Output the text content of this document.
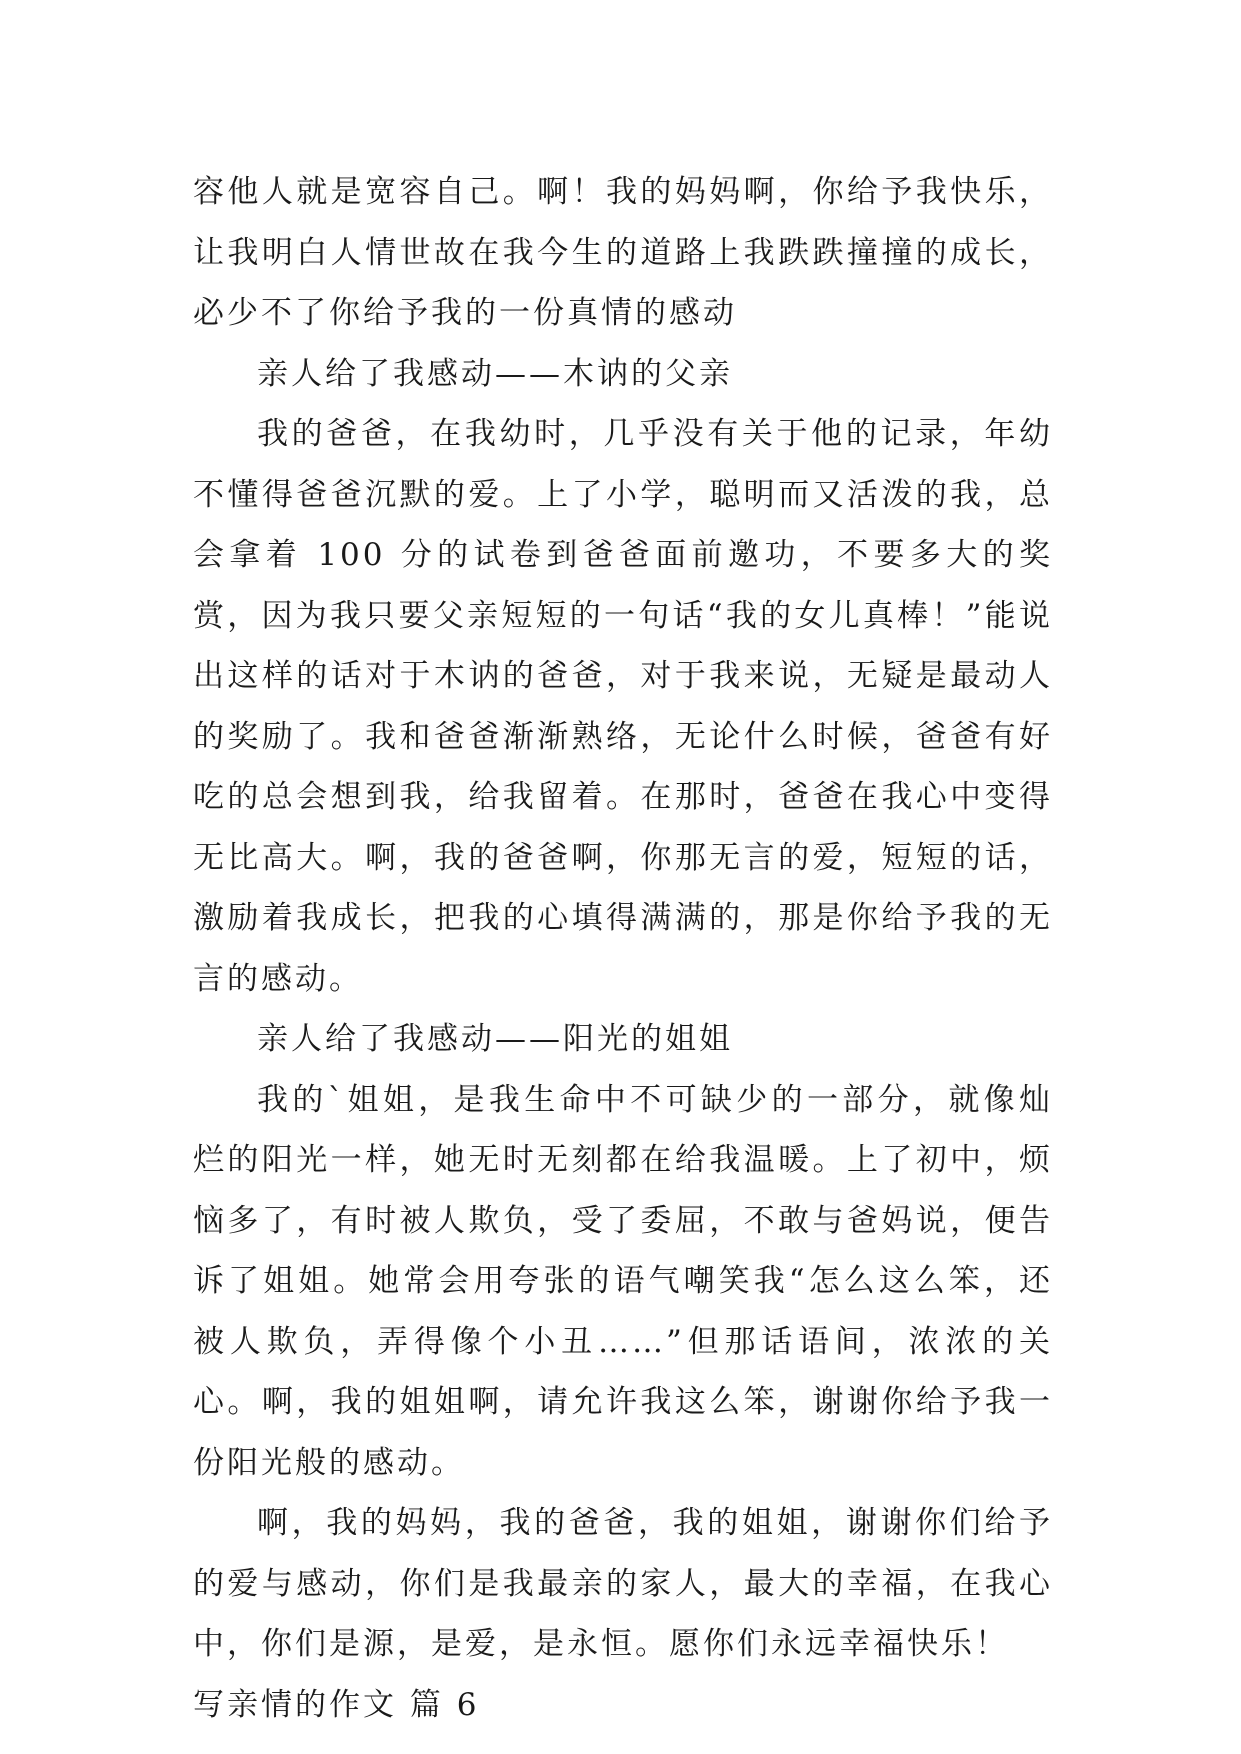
容他人就是宽容自己。啊！我的妈妈啊，你给予我快乐，让我明白人情世故在我今生的道路上我跌跌撞撞的成长，必少不了你给予我的一份真情的感动

亲人给了我感动——木讷的父亲

我的爸爸，在我幼时，几乎没有关于他的记录，年幼不懂得爸爸沉默的爱。上了小学，聪明而又活泼的我，总会拿着 100 分的试卷到爸爸面前邀功，不要多大的奖赏，因为我只要父亲短短的一句话“我的女儿真棒！”能说出这样的话对于木讷的爸爸，对于我来说，无疑是最动人的奖励了。我和爸爸渐渐熟络，无论什么时候，爸爸有好吃的总会想到我，给我留着。在那时，爸爸在我心中变得无比高大。啊，我的爸爸啊，你那无言的爱，短短的话，激励着我成长，把我的心填得满满的，那是你给予我的无言的感动。

亲人给了我感动——阳光的姐姐

我的`姐姐，是我生命中不可缺少的一部分，就像灿烂的阳光一样，她无时无刻都在给我温暖。上了初中，烦恼多了，有时被人欺负，受了委屈，不敢与爸妈说，便告诉了姐姐。她常会用夸张的语气嘲笑我“怎么这么笨，还被人欺负，弄得像个小丑……”但那话语间，浓浓的关心。啊，我的姐姐啊，请允许我这么笨，谢谢你给予我一份阳光般的感动。

啊，我的妈妈，我的爸爸，我的姐姐，谢谢你们给予的爱与感动，你们是我最亲的家人，最大的幸福，在我心中，你们是源，是爱，是永恒。愿你们永远幸福快乐！

写亲情的作文 篇 6
